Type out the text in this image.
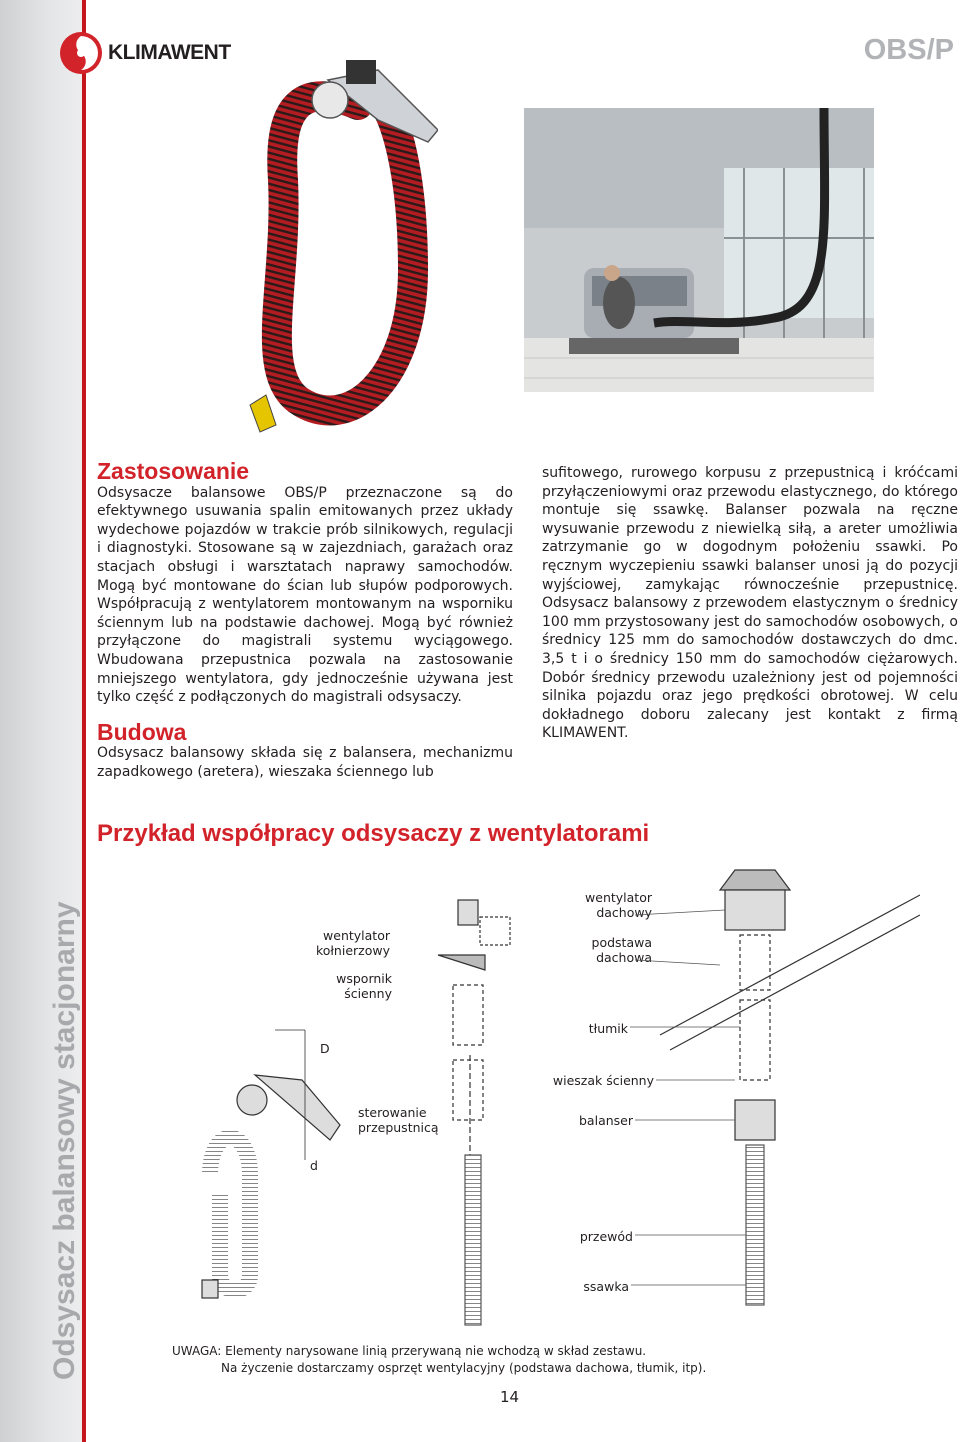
Odsysacz balansowy stacjonarny
KLIMAWENT	OBS/P
Zastosowanie

Odsysacze balansowe OBS/P przeznaczone są do efektywnego usuwania spalin emitowanych przez układy wydechowe pojazdów w trakcie prób silnikowych, regulacji i diagnostyki. Stosowane są w zajezdniach, garażach oraz stacjach obsługi i warsztatach naprawy samochodów. Mogą być montowane do ścian lub słupów podporowych. Współpracują z wentylatorem montowanym na wsporniku ściennym lub na podstawie dachowej. Mogą być również przyłączone do magistrali systemu wyciągowego. Wbudowana przepustnica pozwala na zastosowanie mniejszego wentylatora, gdy jednocześnie używana jest tylko część z podłączonych do magistrali odsysaczy.

Budowa

Odsysacz balansowy składa się z balansera, mechanizmu zapadkowego (aretera), wieszaka ściennego lub

sufitowego, rurowego korpusu z przepustnicą i króćcami przyłączeniowymi oraz przewodu elastycznego, do którego montuje się ssawkę. Balanser pozwala na ręczne wysuwanie przewodu z niewielką siłą, a areter umożliwia zatrzymanie go w dogodnym położeniu ssawki. Po ręcznym wyczepieniu ssawki balanser unosi ją do pozycji wyjściowej, zamykając równocześnie przepustnicę. Odsysacz balansowy z przewodem elastycznym o średnicy 100 mm przystosowany jest do samochodów osobowych, o średnicy 125 mm do samochodów dostawczych do dmc. 3,5 t i o średnicy 150 mm do samochodów ciężarowych. Dobór średnicy przewodu uzależniony jest od pojemności silnika pojazdu oraz jego prędkości obrotowej. W celu dokładnego doboru zalecany jest kontakt z firmą KLIMAWENT.

Przykład współpracy odsysaczy z wentylatorami
wentylator
kołnierzowy
wspornik
ścienny
D
d
sterowanie
przepustnicą
wentylator
dachowy
podstawa
dachowa
tłumik
wieszak ścienny
balanser
przewód
ssawka
UWAGA: Elementy narysowane linią przerywaną nie wchodzą w skład zestawu.
Na życzenie dostarczamy osprzęt wentylacyjny (podstawa dachowa, tłumik, itp).
14
